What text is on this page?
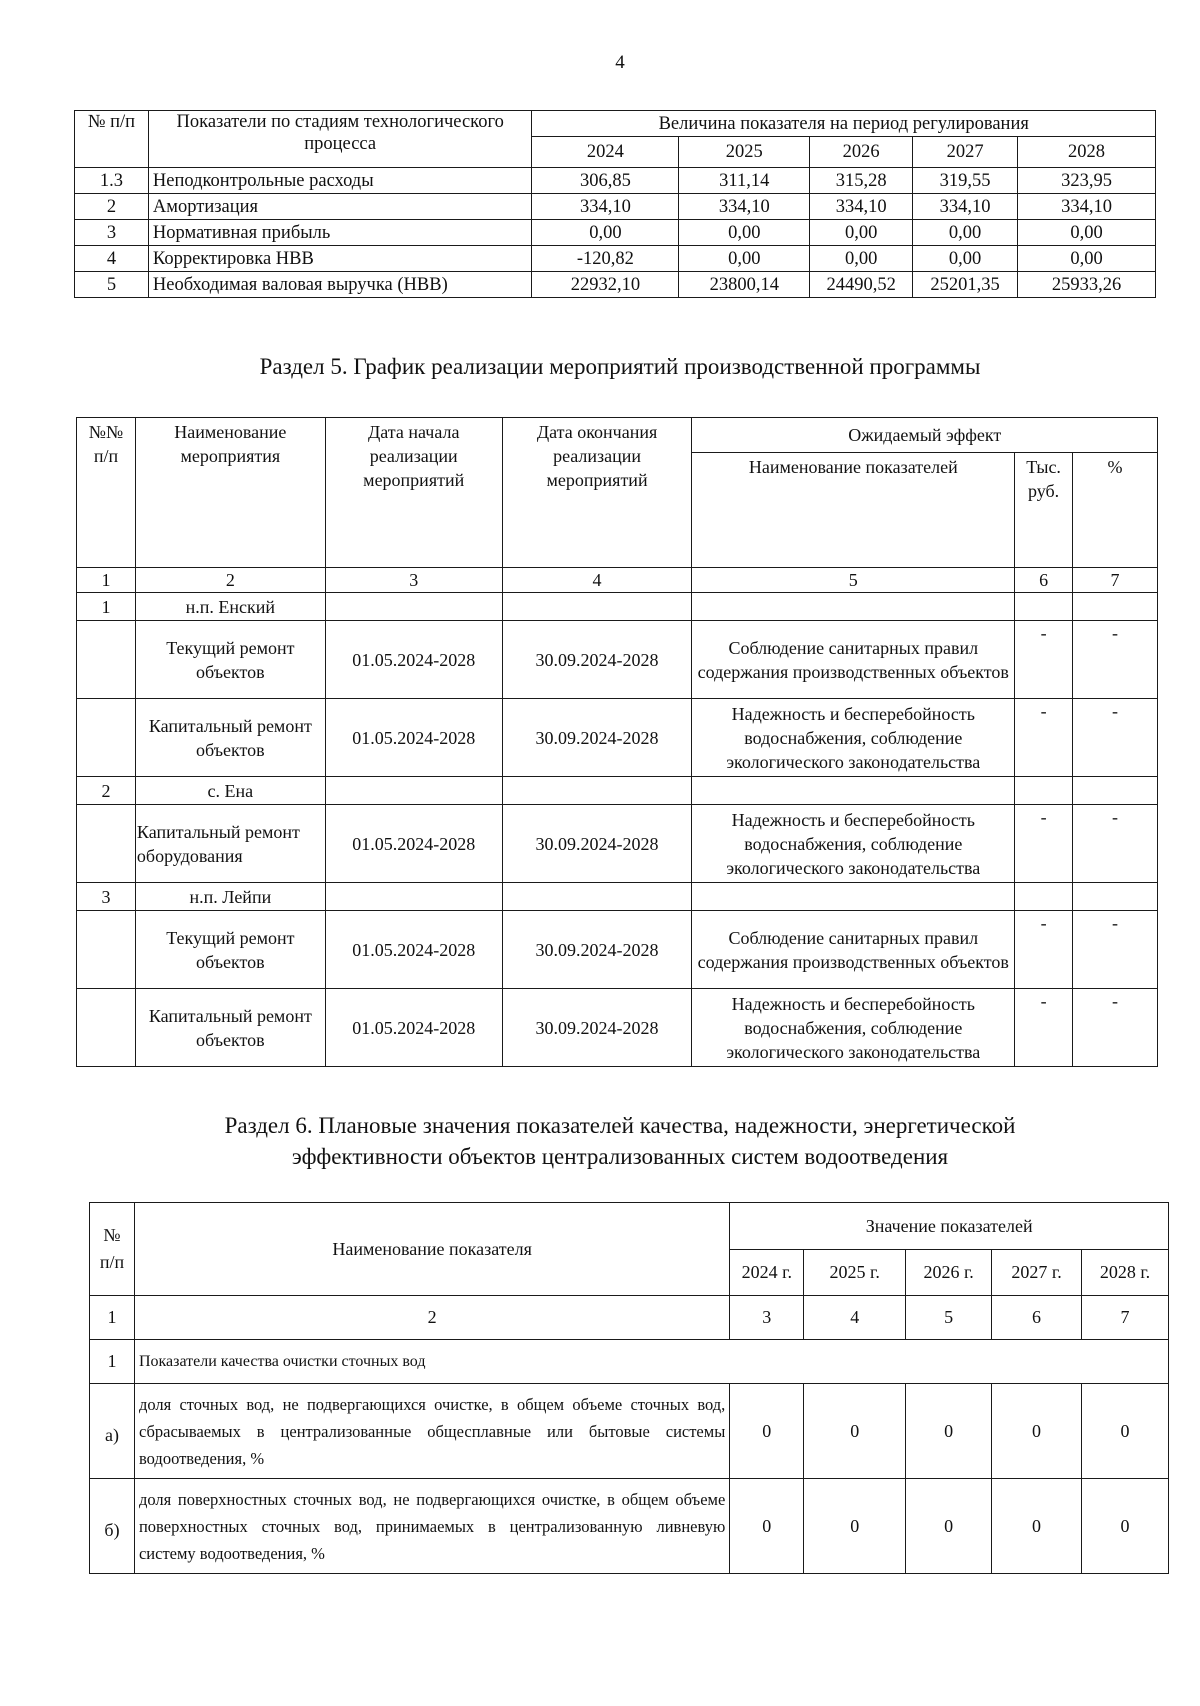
4
№ п/п	Показатели по стадиям технологического процесса	Величина показателя на период регулирования				
		2024	2025	2026	2027	2028
1.3	Неподконтрольные расходы	306,85	311,14	315,28	319,55	323,95
2	Амортизация	334,10	334,10	334,10	334,10	334,10
3	Нормативная прибыль	0,00	0,00	0,00	0,00	0,00
4	Корректировка НВВ	-120,82	0,00	0,00	0,00	0,00
5	Необходимая валовая выручка (НВВ)	22932,10	23800,14	24490,52	25201,35	25933,26
Раздел 5. График реализации мероприятий производственной программы
№№ п/п	Наименование мероприятия	Дата начала реализации мероприятий	Дата окончания реализации мероприятий	Ожидаемый эффект		
				Наименование показателей	Тыс. руб.	%
1	2	3	4	5	6	7
1	н.п. Енский					
	Текущий ремонт объектов	01.05.2024-2028	30.09.2024-2028	Соблюдение санитарных правил содержания производственных объектов	-	-
	Капитальный ремонт объектов	01.05.2024-2028	30.09.2024-2028	Надежность и бесперебойность водоснабжения, соблюдение экологического законодательства	-	-
2	с. Ена					
	Капитальный ремонт оборудования	01.05.2024-2028	30.09.2024-2028	Надежность и бесперебойность водоснабжения, соблюдение экологического законодательства	-	-
3	н.п. Лейпи					
	Текущий ремонт объектов	01.05.2024-2028	30.09.2024-2028	Соблюдение санитарных правил содержания производственных объектов	-	-
	Капитальный ремонт объектов	01.05.2024-2028	30.09.2024-2028	Надежность и бесперебойность водоснабжения, соблюдение экологического законодательства	-	-
Раздел 6. Плановые значения показателей качества, надежности, энергетической
эффективности объектов централизованных систем водоотведения
№ п/п	Наименование показателя	Значение показателей				
		2024 г.	2025 г.	2026 г.	2027 г.	2028 г.
1	2	3	4	5	6	7
1	Показатели качества очистки сточных вод					
а)	доля сточных вод, не подвергающихся очистке, в общем объеме сточных вод, сбрасываемых в централизованные общесплавные или бытовые системы водоотведения, %	0	0	0	0	0
б)	доля поверхностных сточных вод, не подвергающихся очистке, в общем объеме поверхностных сточных вод, принимаемых в централизованную ливневую систему водоотведения, %	0	0	0	0	0
